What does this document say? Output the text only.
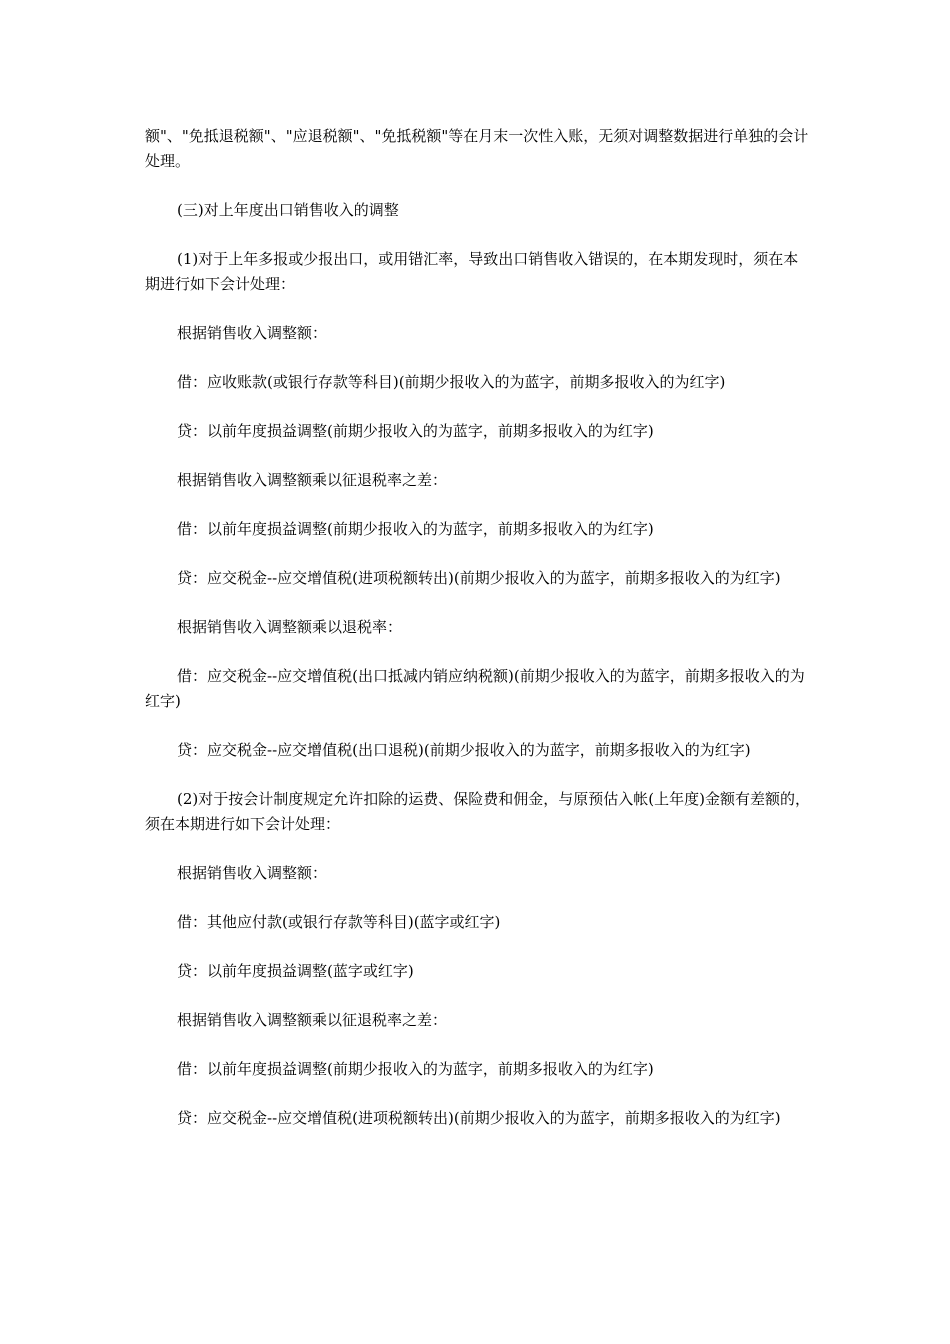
额"、"免抵退税额"、"应退税额"、"免抵税额"等在月末一次性入账，无须对调整数据进行单独的会计处理。

(三)对上年度出口销售收入的调整

(1)对于上年多报或少报出口，或用错汇率，导致出口销售收入错误的，在本期发现时，须在本期进行如下会计处理：

根据销售收入调整额：

借：应收账款(或银行存款等科目)(前期少报收入的为蓝字，前期多报收入的为红字)

贷：以前年度损益调整(前期少报收入的为蓝字，前期多报收入的为红字)

根据销售收入调整额乘以征退税率之差：

借：以前年度损益调整(前期少报收入的为蓝字，前期多报收入的为红字)

贷：应交税金--应交增值税(进项税额转出)(前期少报收入的为蓝字，前期多报收入的为红字)

根据销售收入调整额乘以退税率：

借：应交税金--应交增值税(出口抵减内销应纳税额)(前期少报收入的为蓝字，前期多报收入的为红字)

贷：应交税金--应交增值税(出口退税)(前期少报收入的为蓝字，前期多报收入的为红字)

(2)对于按会计制度规定允许扣除的运费、保险费和佣金，与原预估入帐(上年度)金额有差额的，须在本期进行如下会计处理：

根据销售收入调整额：

借：其他应付款(或银行存款等科目)(蓝字或红字)

贷：以前年度损益调整(蓝字或红字)

根据销售收入调整额乘以征退税率之差：

借：以前年度损益调整(前期少报收入的为蓝字，前期多报收入的为红字)

贷：应交税金--应交增值税(进项税额转出)(前期少报收入的为蓝字，前期多报收入的为红字)
